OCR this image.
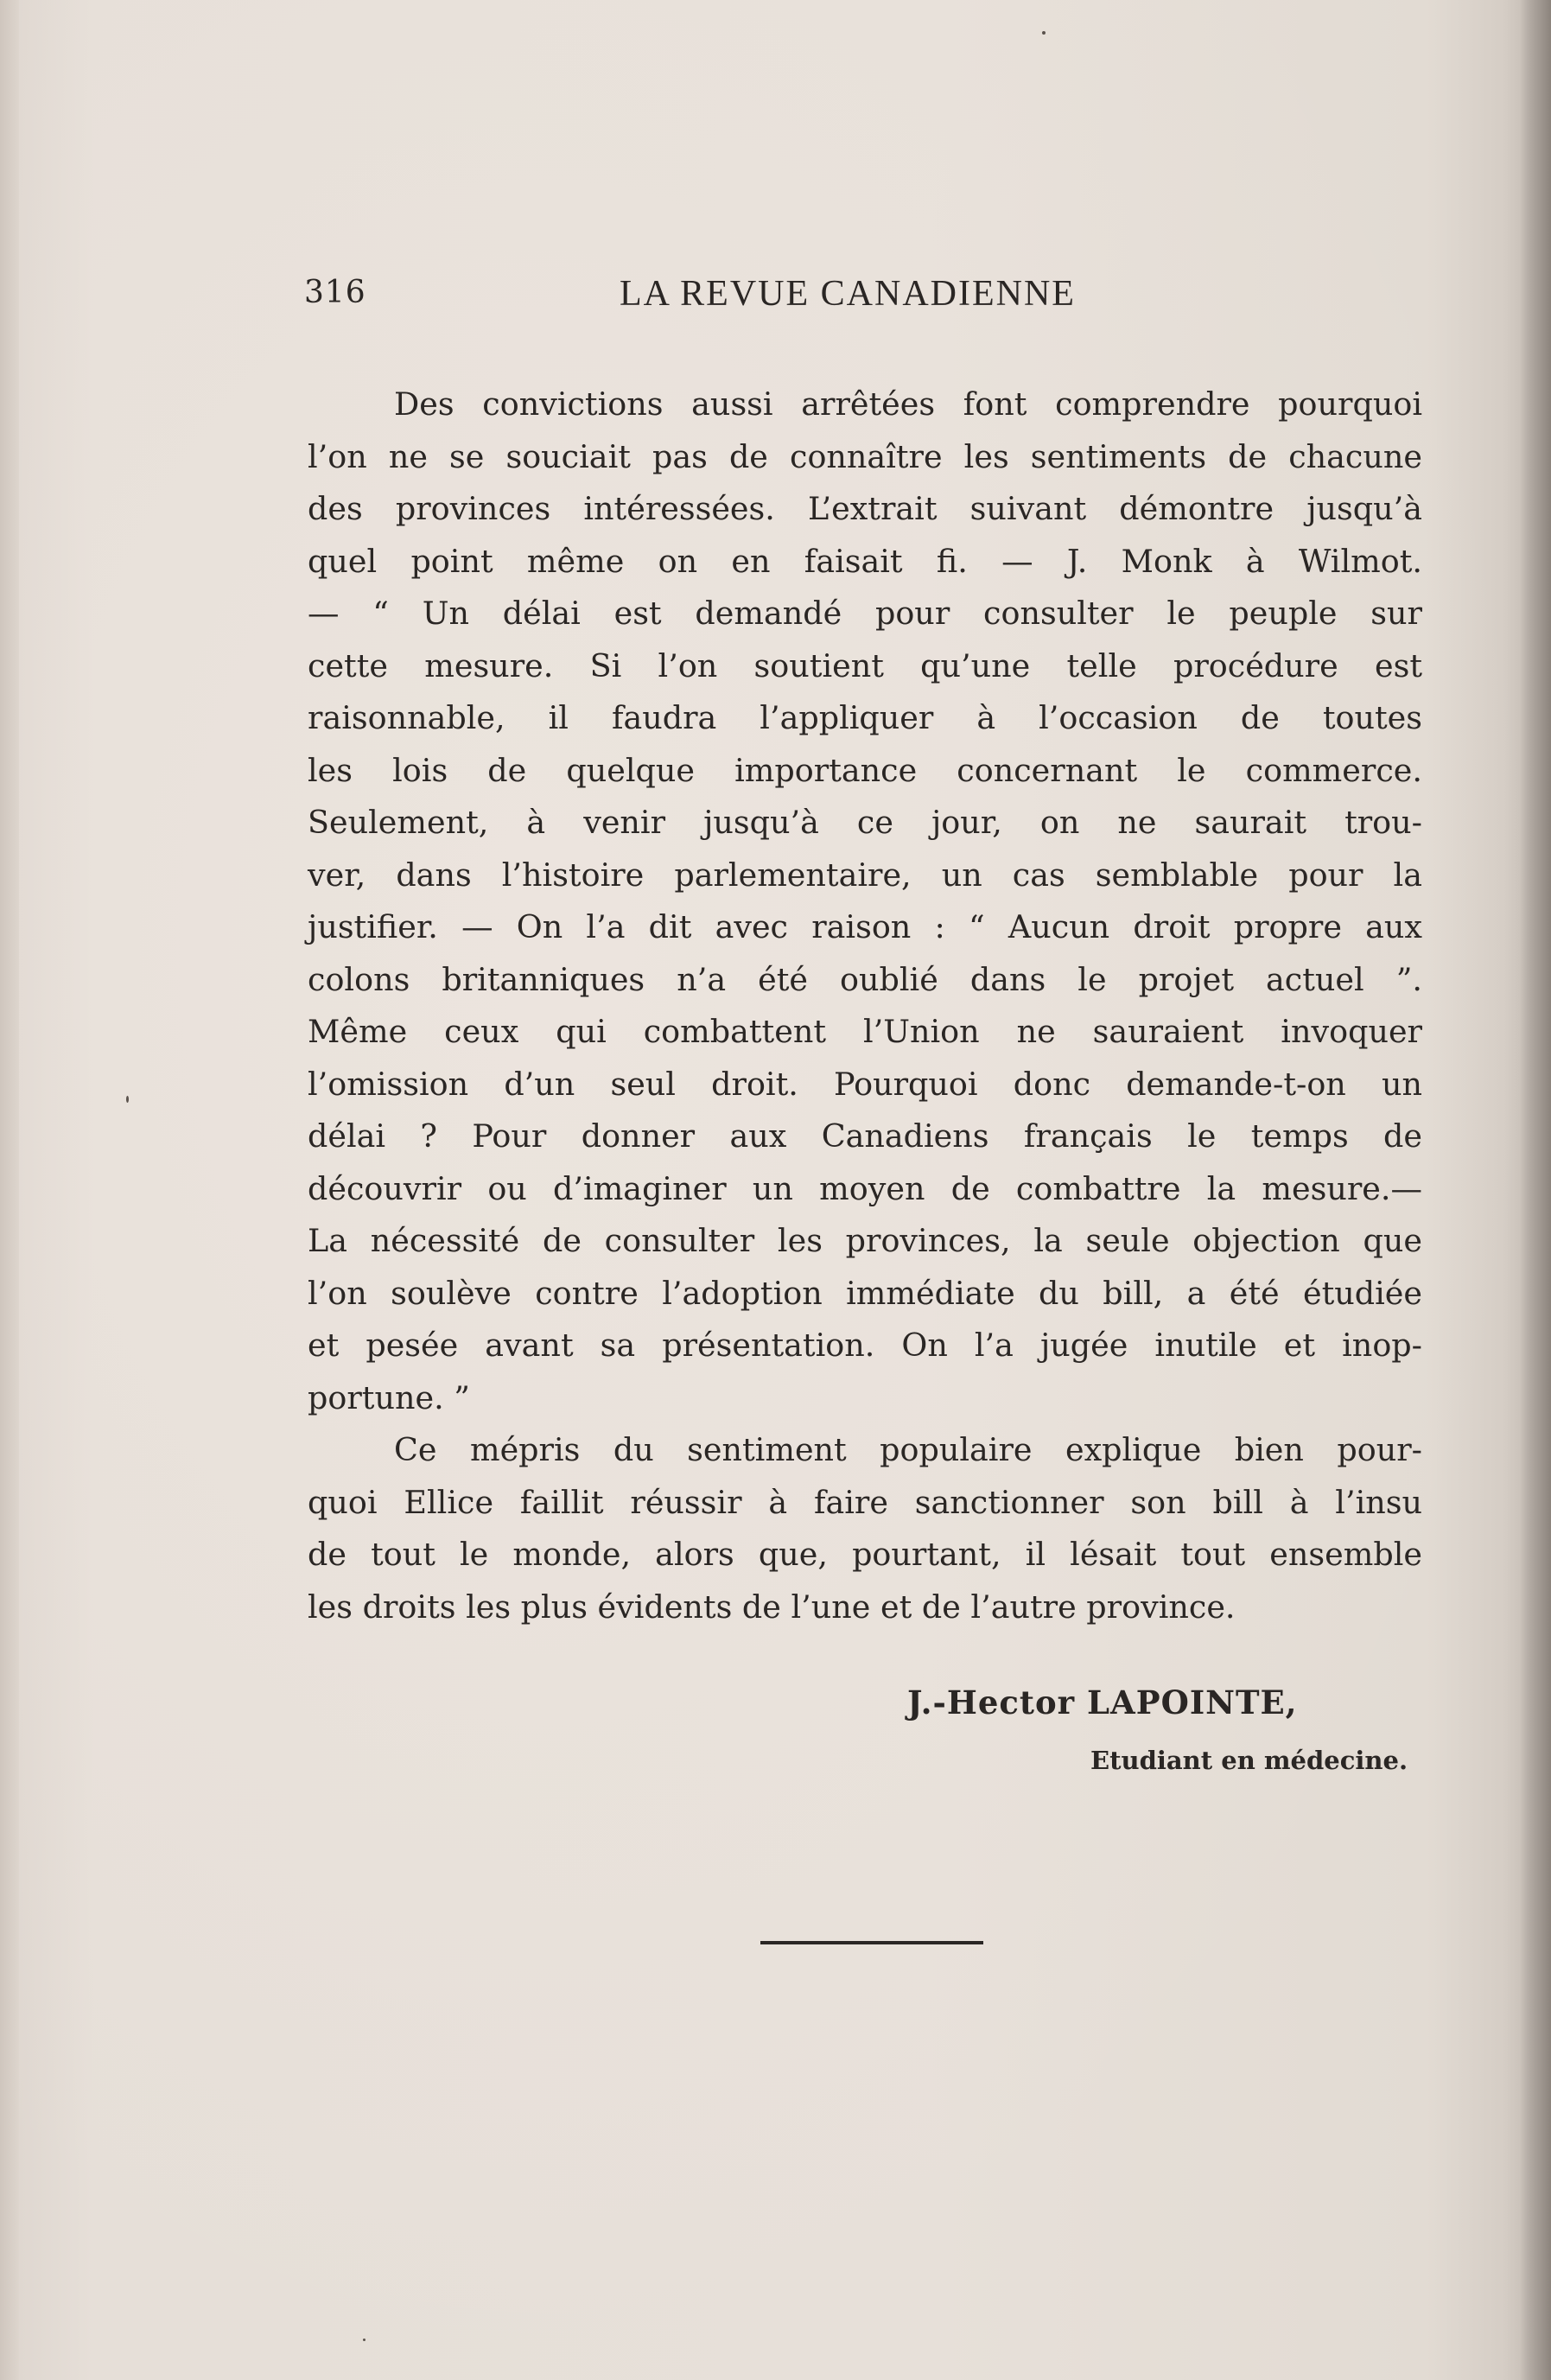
316	LA REVUE CANADIENNE
Des convictions aussi arrêtées font comprendre pourquoi
l’on ne se souciait pas de connaître les sentiments de chacune
des provinces intéressées. L’extrait suivant démontre jusqu’à
quel point même on en faisait fi. — J. Monk à Wilmot.
— “ Un délai est demandé pour consulter le peuple sur
cette mesure. Si l’on soutient qu’une telle procédure est
raisonnable, il faudra l’appliquer à l’occasion de toutes
les lois de quelque importance concernant le commerce.
Seulement, à venir jusqu’à ce jour, on ne saurait trou-
ver, dans l’histoire parlementaire, un cas semblable pour la
justifier. — On l’a dit avec raison : “ Aucun droit propre aux
colons britanniques n’a été oublié dans le projet actuel ”.
Même ceux qui combattent l’Union ne sauraient invoquer
l’omission d’un seul droit. Pourquoi donc demande-t-on un
délai ? Pour donner aux Canadiens français le temps de
découvrir ou d’imaginer un moyen de combattre la mesure.—
La nécessité de consulter les provinces, la seule objection que
l’on soulève contre l’adoption immédiate du bill, a été étudiée
et pesée avant sa présentation. On l’a jugée inutile et inop-
portune. ”
Ce mépris du sentiment populaire explique bien pour-
quoi Ellice faillit réussir à faire sanctionner son bill à l’insu
de tout le monde, alors que, pourtant, il lésait tout ensemble
les droits les plus évidents de l’une et de l’autre province.
J.-Hector LAPOINTE,
Etudiant en médecine.
